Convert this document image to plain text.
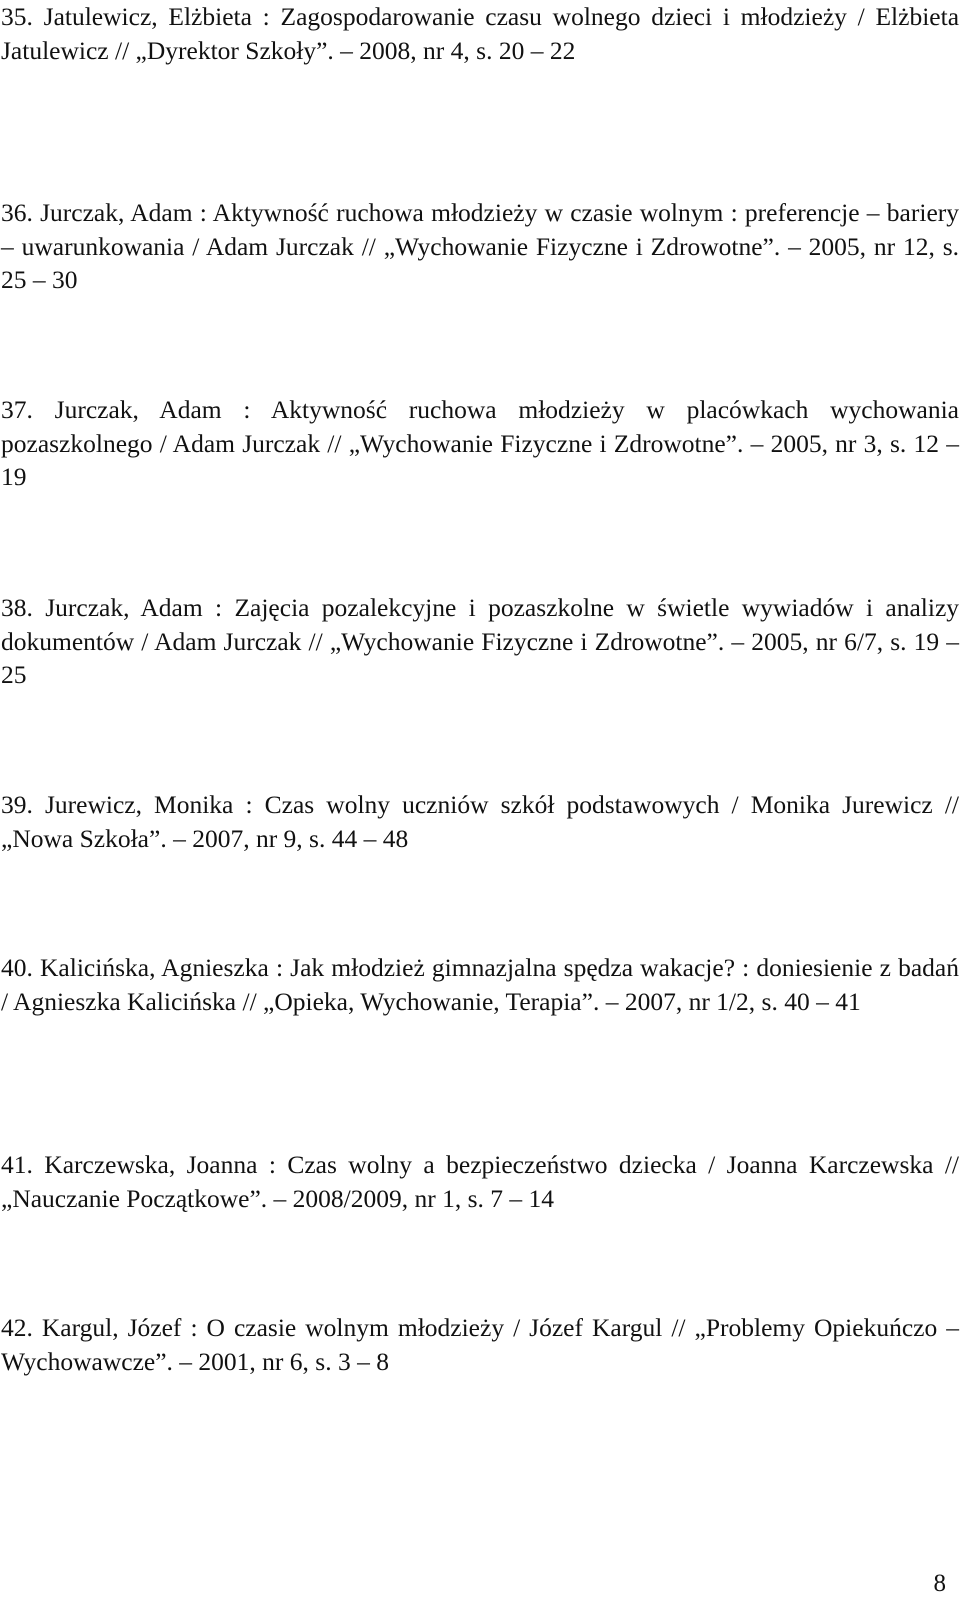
35. Jatulewicz, Elżbieta : Zagospodarowanie czasu wolnego dzieci i młodzieży / Elżbieta Jatulewicz // „Dyrektor Szkoły”. – 2008, nr 4, s. 20 – 22

36. Jurczak, Adam : Aktywność ruchowa młodzieży w czasie wolnym : preferencje – bariery – uwarunkowania / Adam Jurczak // „Wychowanie Fizyczne i Zdrowotne”. – 2005, nr 12, s. 25 – 30

37. Jurczak, Adam : Aktywność ruchowa młodzieży w placówkach wychowania pozaszkolnego / Adam Jurczak // „Wychowanie Fizyczne i Zdrowotne”. – 2005, nr 3, s. 12 – 19

38. Jurczak, Adam : Zajęcia pozalekcyjne i pozaszkolne w świetle wywiadów i analizy dokumentów / Adam Jurczak // „Wychowanie Fizyczne i Zdrowotne”. – 2005, nr 6/7, s. 19 – 25

39. Jurewicz, Monika : Czas wolny uczniów szkół podstawowych / Monika Jurewicz // „Nowa Szkoła”. – 2007, nr 9, s. 44 – 48

40. Kalicińska, Agnieszka : Jak młodzież gimnazjalna spędza wakacje? : doniesienie z badań / Agnieszka Kalicińska // „Opieka, Wychowanie, Terapia”. – 2007, nr 1/2, s. 40 – 41

41. Karczewska, Joanna : Czas wolny a bezpieczeństwo dziecka / Joanna Karczewska // „Nauczanie Początkowe”. – 2008/2009, nr 1, s. 7 – 14

42. Kargul, Józef : O czasie wolnym młodzieży / Józef Kargul // „Problemy Opiekuńczo – Wychowawcze”. – 2001, nr 6, s. 3 – 8

8
